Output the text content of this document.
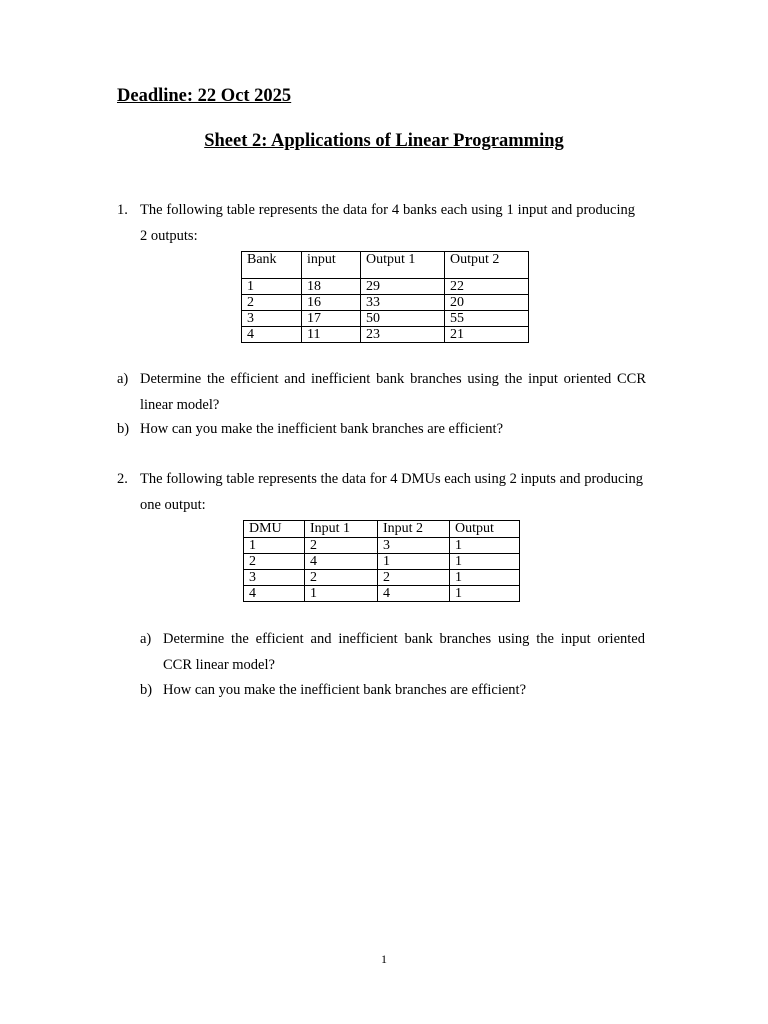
Deadline: 22 Oct 2025
Sheet 2: Applications of Linear Programming
1. The following table represents the data for 4 banks each using 1 input and producing 2 outputs:
Bank	input	Output 1	Output 2
1	18	29	22
2	16	33	20
3	17	50	55
4	11	23	21
a) Determine the efficient and inefficient bank branches using the input oriented CCR linear model?
b) How can you make the inefficient bank branches are efficient?
2. The following table represents the data for 4 DMUs each using 2 inputs and producing one output:
DMU	Input 1	Input 2	Output
1	2	3	1
2	4	1	1
3	2	2	1
4	1	4	1
a) Determine the efficient and inefficient bank branches using the input oriented CCR linear model?
b) How can you make the inefficient bank branches are efficient?
1
